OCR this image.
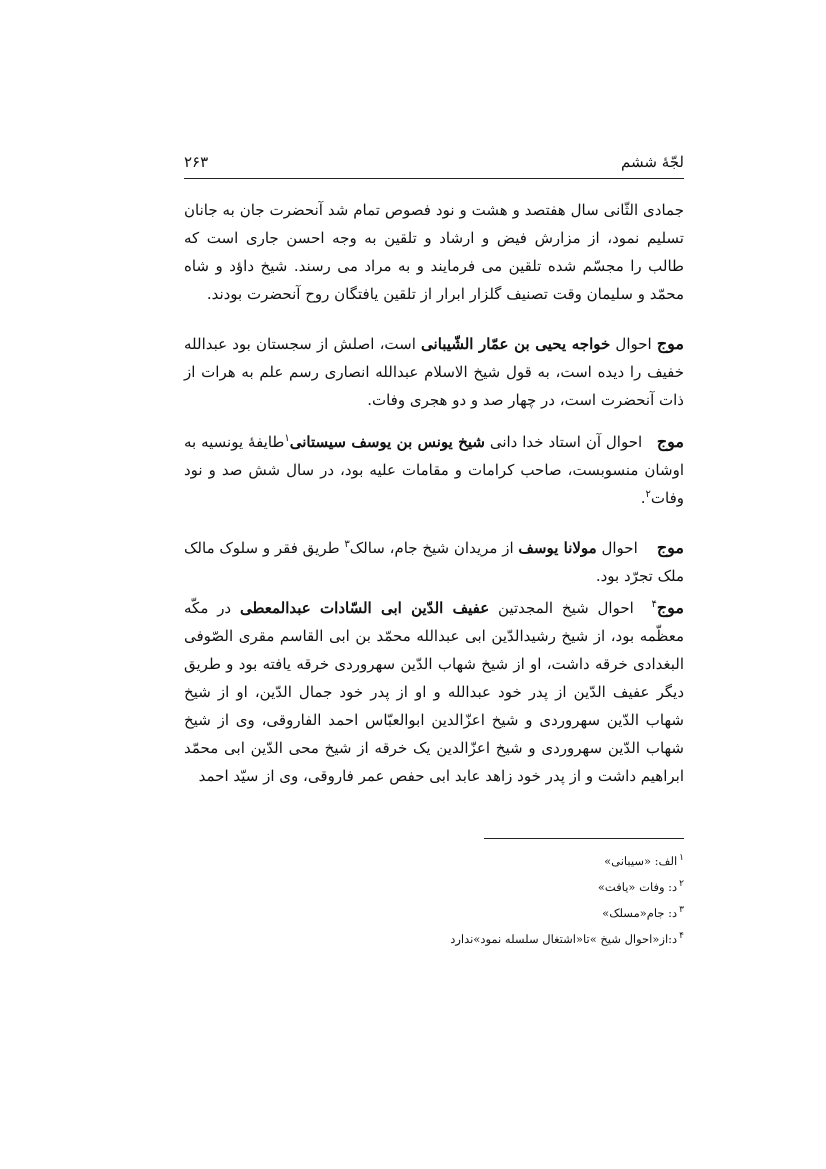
لجّۀ ششم
۲۶۳

جمادی الثّانی سال هفتصد و هشت و نود فصوص تمام شد آنحضرت جان به جانان تسلیم نمود، از مزارش فیض و ارشاد و تلقین به وجه احسن جاری است که طالب را مجسّم شده تلقین می فرمایند و به مراد می رسند. شیخ داؤد و شاه محمّد و سلیمان وقت تصنیف گلزار ابرار از تلقین یافتگان روح آنحضرت بودند.

موج احوال خواجه یحیی بن عمّار الشّیبانی است، اصلش از سجستان بود عبدالله خفیف را دیده است، به قول شیخ الاسلام عبدالله انصاری رسم علم به هرات از ذات آنحضرت است، در چهار صد و دو هجری وفات.

موج   احوال آن استاد خدا دانی شیخ یونس بن یوسف سیستانی$^۱$طایفۀ یونسیه به اوشان منسوبست، صاحب کرامات و مقامات علیه بود، در سال شش صد و نود وفات$^۲$.

موج    احوال مولانا یوسف از مریدان شیخ جام، سالک$^۳$ طریق فقر و سلوک مالک ملک تجرّد بود.

موج$^۴$  احوال شیخ المجدتین عفیف الدّین ابی السّادات عبدالمعطی در مکّه معظّمه بود، از شیخ رشیدالدّین ابی عبدالله محمّد بن ابی القاسم مقری الصّوفی البغدادی خرقه داشت، او از شیخ شهاب الدّین سهروردی خرقه یافته بود و طریق دیگر عفیف الدّین از پدر خود عبدالله و او از پدر خود جمال الدّین، او از شیخ شهاب الدّین سهروردی و شیخ اعزّالدین ابوالعبّاس احمد الفاروقی، وی از شیخ شهاب الدّین سهروردی و شیخ اعزّالدین یک خرقه از شیخ محی الدّین ابی محمّد ابراهیم داشت و از پدر خود زاهد عابد ابی حفص عمر فاروقی، وی از سیّد احمد

$^۱$الف: «سیبانی»
$^۲$د: وفات «یافت»
$^۳$د: جام«مسلک»
$^۴$د:از«احوال شیخ »تا«اشتغال سلسله نمود»ندارد
